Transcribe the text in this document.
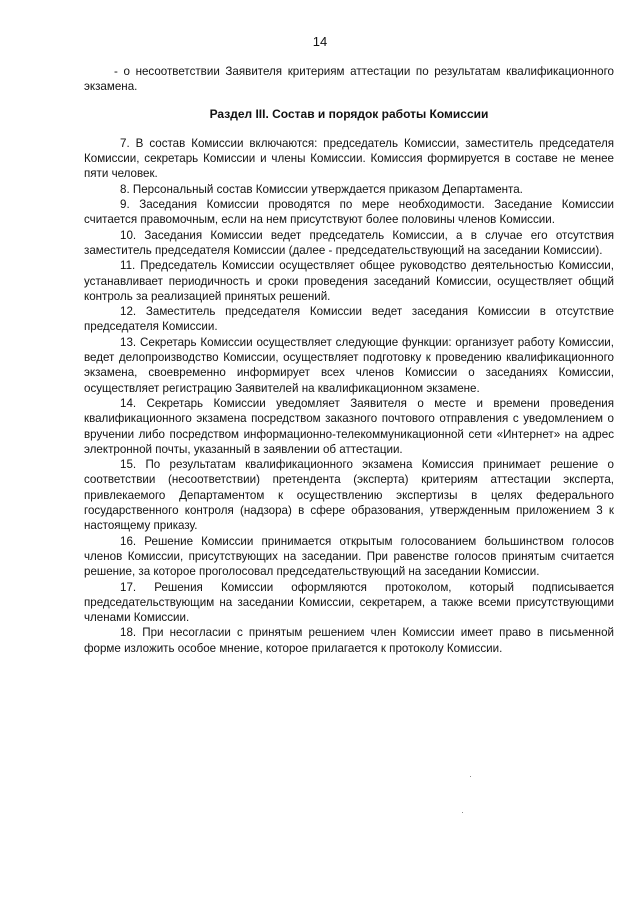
14

- о несоответствии Заявителя критериям аттестации по результатам квалификационного экзамена.

Раздел III. Состав и порядок работы Комиссии

7. В состав Комиссии включаются: председатель Комиссии, заместитель председателя Комиссии, секретарь Комиссии и члены Комиссии. Комиссия формируется в составе не менее пяти человек.

8. Персональный состав Комиссии утверждается приказом Департамента.

9. Заседания Комиссии проводятся по мере необходимости. Заседание Комиссии считается правомочным, если на нем присутствуют более половины членов Комиссии.

10. Заседания Комиссии ведет председатель Комиссии, а в случае его отсутствия заместитель председателя Комиссии (далее - председательствующий на заседании Комиссии).

11. Председатель Комиссии осуществляет общее руководство деятельностью Комиссии, устанавливает периодичность и сроки проведения заседаний Комиссии, осуществляет общий контроль за реализацией принятых решений.

12. Заместитель председателя Комиссии ведет заседания Комиссии в отсутствие председателя Комиссии.

13. Секретарь Комиссии осуществляет следующие функции: организует работу Комиссии, ведет делопроизводство Комиссии, осуществляет подготовку к проведению квалификационного экзамена, своевременно информирует всех членов Комиссии о заседаниях Комиссии, осуществляет регистрацию Заявителей на квалификационном экзамене.

14. Секретарь Комиссии уведомляет Заявителя о месте и времени проведения квалификационного экзамена посредством заказного почтового отправления с уведомлением о вручении либо посредством информационно-телекоммуникационной сети «Интернет» на адрес электронной почты, указанный в заявлении об аттестации.

15. По результатам квалификационного экзамена Комиссия принимает решение о соответствии (несоответствии) претендента (эксперта) критериям аттестации эксперта, привлекаемого Департаментом к осуществлению экспертизы в целях федерального государственного контроля (надзора) в сфере образования, утвержденным приложением 3 к настоящему приказу.

16. Решение Комиссии принимается открытым голосованием большинством голосов членов Комиссии, присутствующих на заседании. При равенстве голосов принятым считается решение, за которое проголосовал председательствующий на заседании Комиссии.

17. Решения Комиссии оформляются протоколом, который подписывается председательствующим на заседании Комиссии, секретарем, а также всеми присутствующими членами Комиссии.

18. При несогласии с принятым решением член Комиссии имеет право в письменной форме изложить особое мнение, которое прилагается к протоколу Комиссии.
